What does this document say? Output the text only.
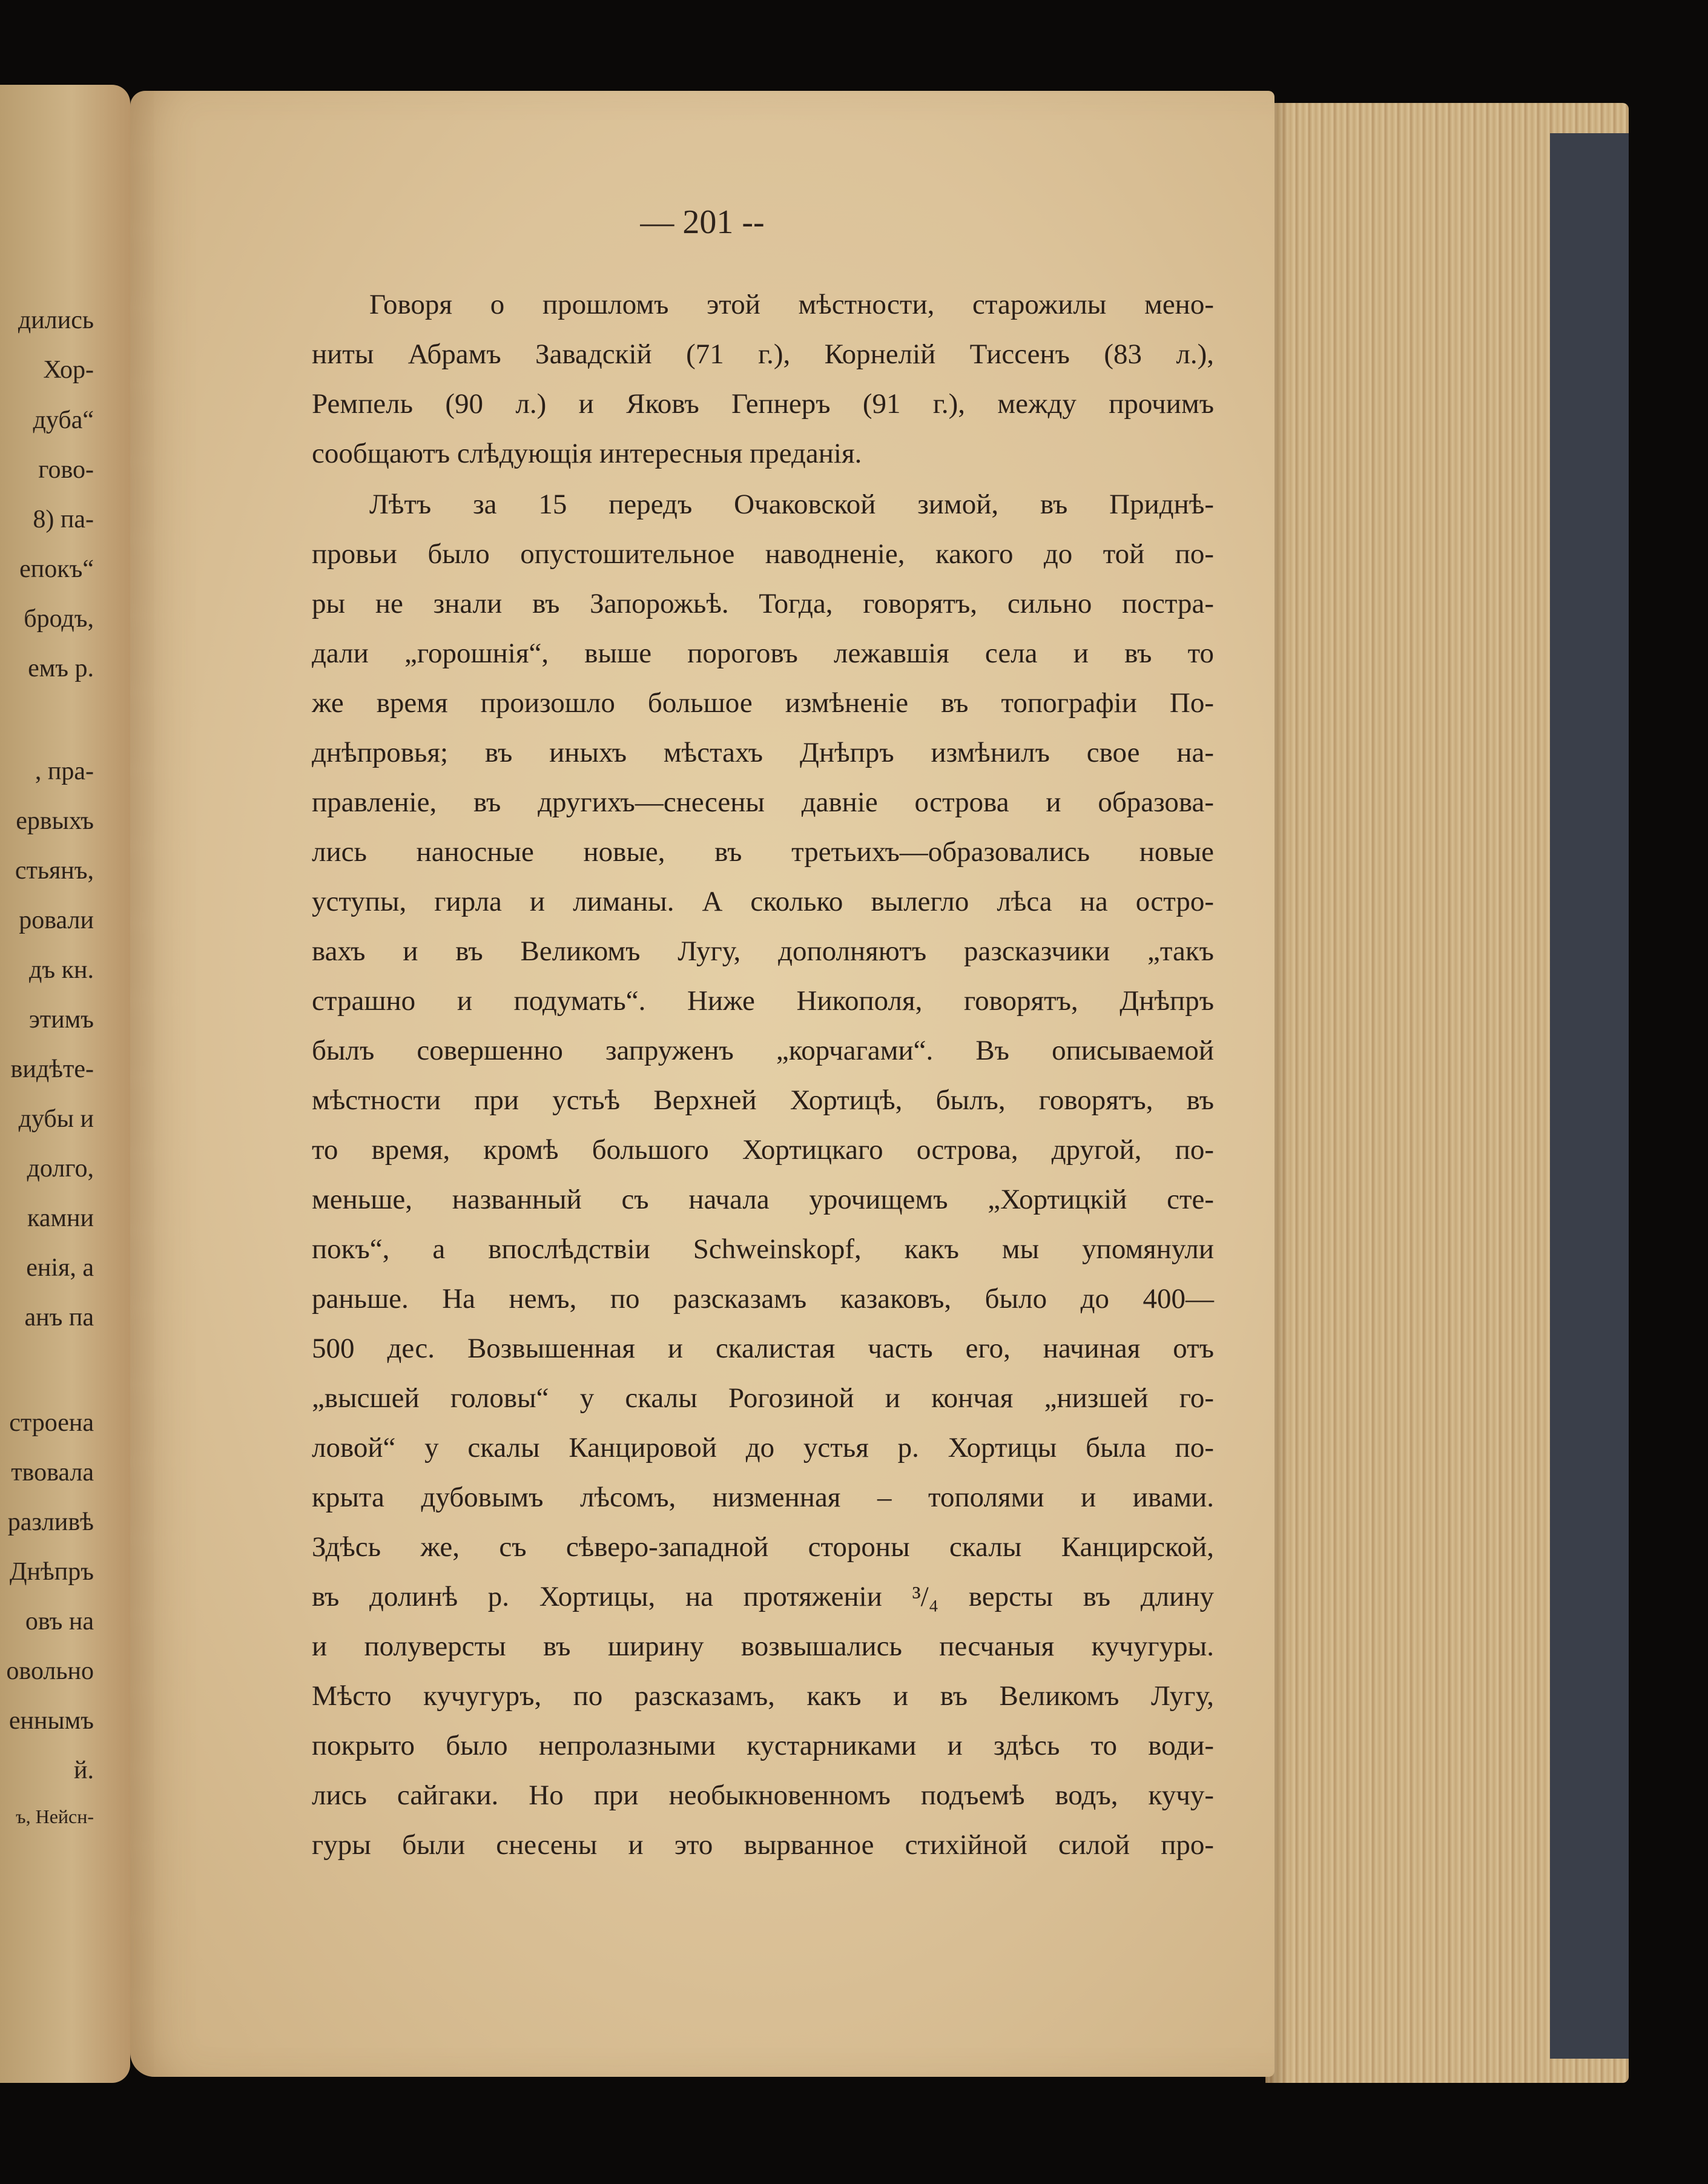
дились
Хор-
дуба“
гово-
8) па-
епокъ“
бродъ,
емъ р.
, пра-
ервыхъ
стьянъ,
ровали
дъ кн.
этимъ
видѣте-
дубы и
долго,
камни
енія, а
анъ па
строена
твовала
разливѣ
Днѣпръ
овъ на
овольно
еннымъ
й.
ъ, Нейсн-
— 201 --
Говоря о прошломъ этой мѣстности, старожилы мено-
ниты Абрамъ Завадскій (71 г.), Корнелій Тиссенъ (83 л.),
Ремпель (90 л.) и Яковъ Гепнеръ (91 г.), между прочимъ
сообщаютъ слѣдующія интересныя преданія.
Лѣтъ за 15 передъ Очаковской зимой, въ Приднѣ-
провьи было опустошительное наводненіе, какого до той по-
ры не знали въ Запорожьѣ. Тогда, говорятъ, сильно постра-
дали „горошнія“, выше пороговъ лежавшія села и въ то
же время произошло большое измѣненіе въ топографіи По-
днѣпровья; въ иныхъ мѣстахъ Днѣпръ измѣнилъ свое на-
правленіе, въ другихъ—снесены давніе острова и образова-
лись наносные новые, въ третьихъ—образовались новые
уступы, гирла и лиманы. А сколько вылегло лѣса на остро-
вахъ и въ Великомъ Лугу, дополняютъ разсказчики „такъ
страшно и подумать“. Ниже Никополя, говорятъ, Днѣпръ
былъ совершенно запруженъ „корчагами“. Въ описываемой
мѣстности при устьѣ Верхней Хортицѣ, былъ, говорятъ, въ
то время, кромѣ большого Хортицкаго острова, другой, по-
меньше, названный съ начала урочищемъ „Хортицкій сте-
покъ“, а впослѣдствіи Schweinskopf, какъ мы упомянули
раньше. На немъ, по разсказамъ казаковъ, было до 400—
500 дес. Возвышенная и скалистая часть его, начиная отъ
„высшей головы“ у скалы Рогозиной и кончая „низшей го-
ловой“ у скалы Канцировой до устья р. Хортицы была по-
крыта дубовымъ лѣсомъ, низменная – тополями и ивами.
Здѣсь же, съ сѣверо-западной стороны скалы Канцирской,
въ долинѣ р. Хортицы, на протяженіи ³/₄ версты въ длину
и полуверсты въ ширину возвышались песчаныя кучугуры.
Мѣсто кучугуръ, по разсказамъ, какъ и въ Великомъ Лугу,
покрыто было непролазными кустарниками и здѣсь то води-
лись сайгаки. Но при необыкновенномъ подъемѣ водъ, кучу-
гуры были снесены и это вырванное стихійной силой про-
